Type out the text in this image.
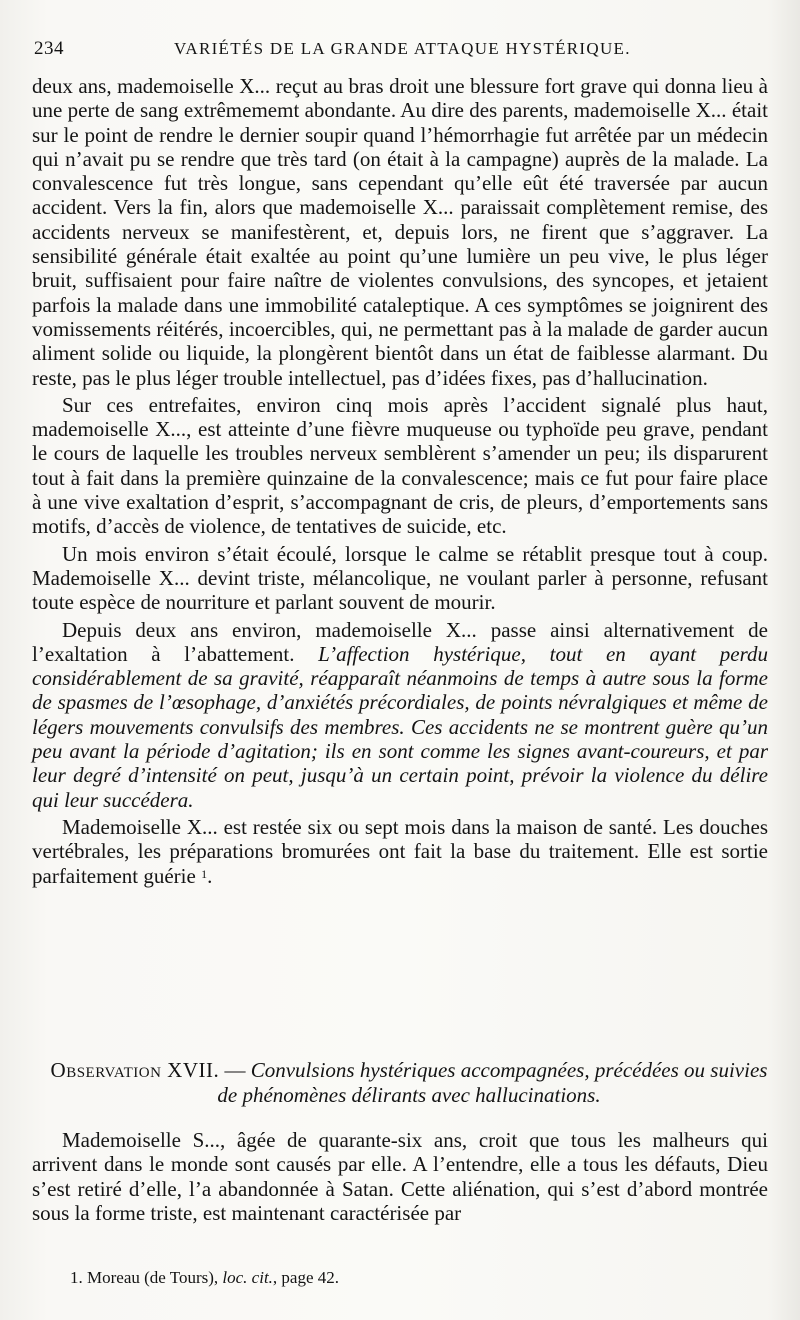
234	VARIÉTÉS DE LA GRANDE ATTAQUE HYSTÉRIQUE.

deux ans, mademoiselle X... reçut au bras droit une blessure fort grave qui donna lieu à une perte de sang extrêmememt abondante. Au dire des parents, mademoiselle X... était sur le point de rendre le dernier soupir quand l’hémorrhagie fut arrêtée par un médecin qui n’avait pu se rendre que très tard (on était à la campagne) auprès de la malade. La convalescence fut très longue, sans cependant qu’elle eût été traversée par aucun accident. Vers la fin, alors que mademoiselle X... paraissait complètement remise, des accidents nerveux se manifestèrent, et, depuis lors, ne firent que s’aggraver. La sensibilité générale était exaltée au point qu’une lumière un peu vive, le plus léger bruit, suffisaient pour faire naître de violentes convulsions, des syncopes, et jetaient parfois la malade dans une immobilité cataleptique. A ces symptômes se joignirent des vomissements réitérés, incoercibles, qui, ne permettant pas à la malade de garder aucun aliment solide ou liquide, la plongèrent bientôt dans un état de faiblesse alarmant. Du reste, pas le plus léger trouble intellectuel, pas d’idées fixes, pas d’hallucination.

Sur ces entrefaites, environ cinq mois après l’accident signalé plus haut, mademoiselle X..., est atteinte d’une fièvre muqueuse ou typhoïde peu grave, pendant le cours de laquelle les troubles nerveux semblèrent s’amender un peu; ils disparurent tout à fait dans la première quinzaine de la convalescence; mais ce fut pour faire place à une vive exaltation d’esprit, s’accompagnant de cris, de pleurs, d’emportements sans motifs, d’accès de violence, de tentatives de suicide, etc.

Un mois environ s’était écoulé, lorsque le calme se rétablit presque tout à coup. Mademoiselle X... devint triste, mélancolique, ne voulant parler à personne, refusant toute espèce de nourriture et parlant souvent de mourir.

Depuis deux ans environ, mademoiselle X... passe ainsi alternativement de l’exaltation à l’abattement. L’affection hystérique, tout en ayant perdu considérablement de sa gravité, réapparaît néanmoins de temps à autre sous la forme de spasmes de l’œsophage, d’anxiétés précordiales, de points névralgiques et même de légers mouvements convulsifs des membres. Ces accidents ne se montrent guère qu’un peu avant la période d’agitation; ils en sont comme les signes avant-coureurs, et par leur degré d’intensité on peut, jusqu’à un certain point, prévoir la violence du délire qui leur succédera.

Mademoiselle X... est restée six ou sept mois dans la maison de santé. Les douches vertébrales, les préparations bromurées ont fait la base du traitement. Elle est sortie parfaitement guérie $^1$.

Observation XVII. — Convulsions hystériques accompagnées, précédées ou suivies de phénomènes délirants avec hallucinations.

Mademoiselle S..., âgée de quarante-six ans, croit que tous les malheurs qui arrivent dans le monde sont causés par elle. A l’entendre, elle a tous les défauts, Dieu s’est retiré d’elle, l’a abandonnée à Satan. Cette aliénation, qui s’est d’abord montrée sous la forme triste, est maintenant caractérisée par

1. Moreau (de Tours), loc. cit., page 42.
